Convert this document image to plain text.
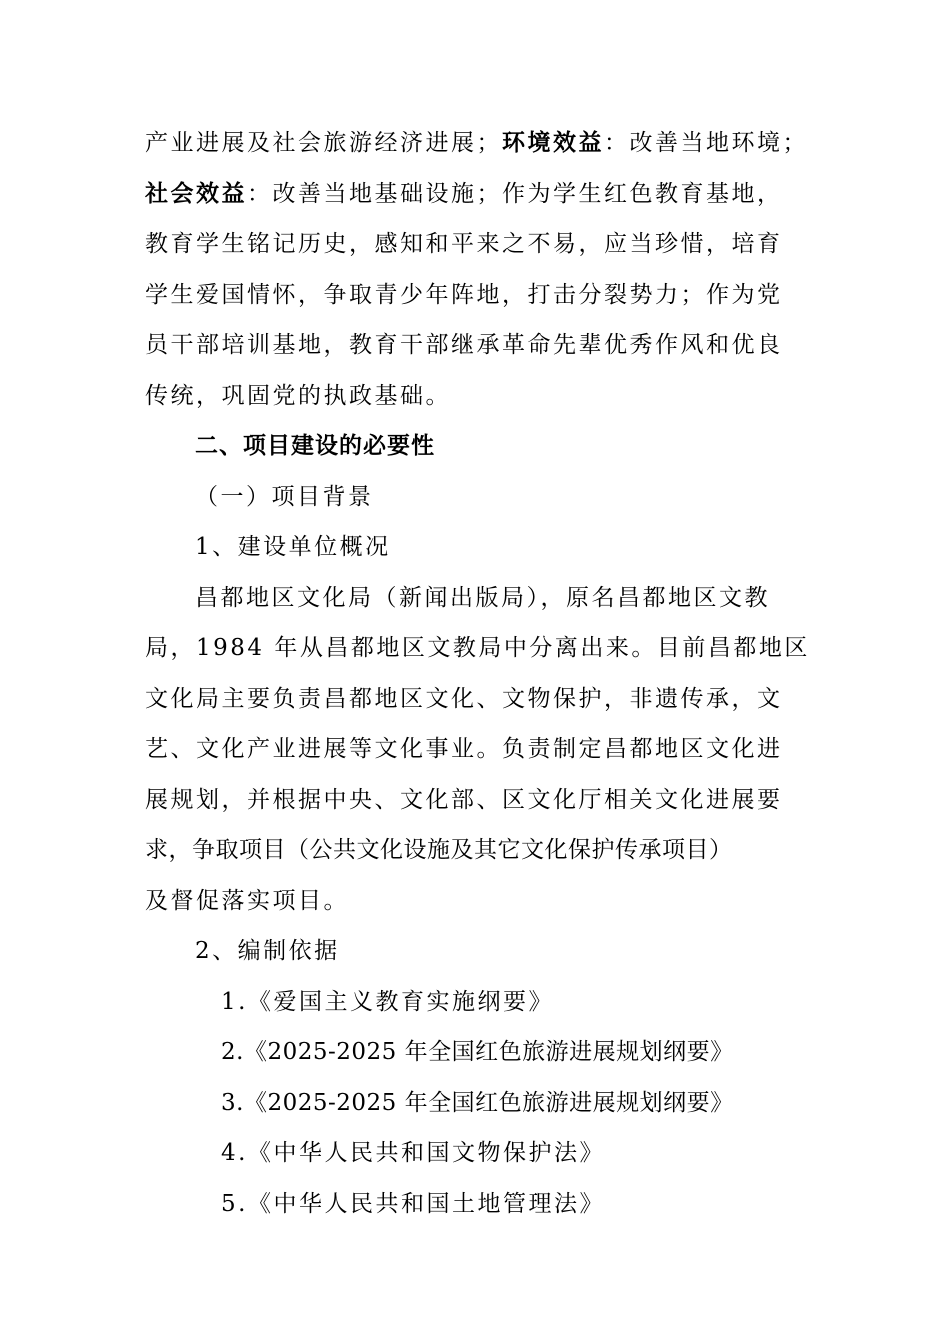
产业进展及社会旅游经济进展；环境效益：改善当地环境；
社会效益：改善当地基础设施；作为学生红色教育基地，
教育学生铭记历史，感知和平来之不易，应当珍惜，培育
学生爱国情怀，争取青少年阵地，打击分裂势力；作为党
员干部培训基地，教育干部继承革命先辈优秀作风和优良
传统，巩固党的执政基础。
二、项目建设的必要性
（一）项目背景
1、建设单位概况
昌都地区文化局（新闻出版局），原名昌都地区文教
局，1984 年从昌都地区文教局中分离出来。目前昌都地区
文化局主要负责昌都地区文化、文物保护，非遗传承，文
艺、文化产业进展等文化事业。负责制定昌都地区文化进
展规划，并根据中央、文化部、区文化厅相关文化进展要
求，争取项目（公共文化设施及其它文化保护传承项目）
及督促落实项目。
2、编制依据
1.《爱国主义教育实施纲要》
2.《2025-2025 年全国红色旅游进展规划纲要》
3.《2025-2025 年全国红色旅游进展规划纲要》
4.《中华人民共和国文物保护法》
5.《中华人民共和国土地管理法》
